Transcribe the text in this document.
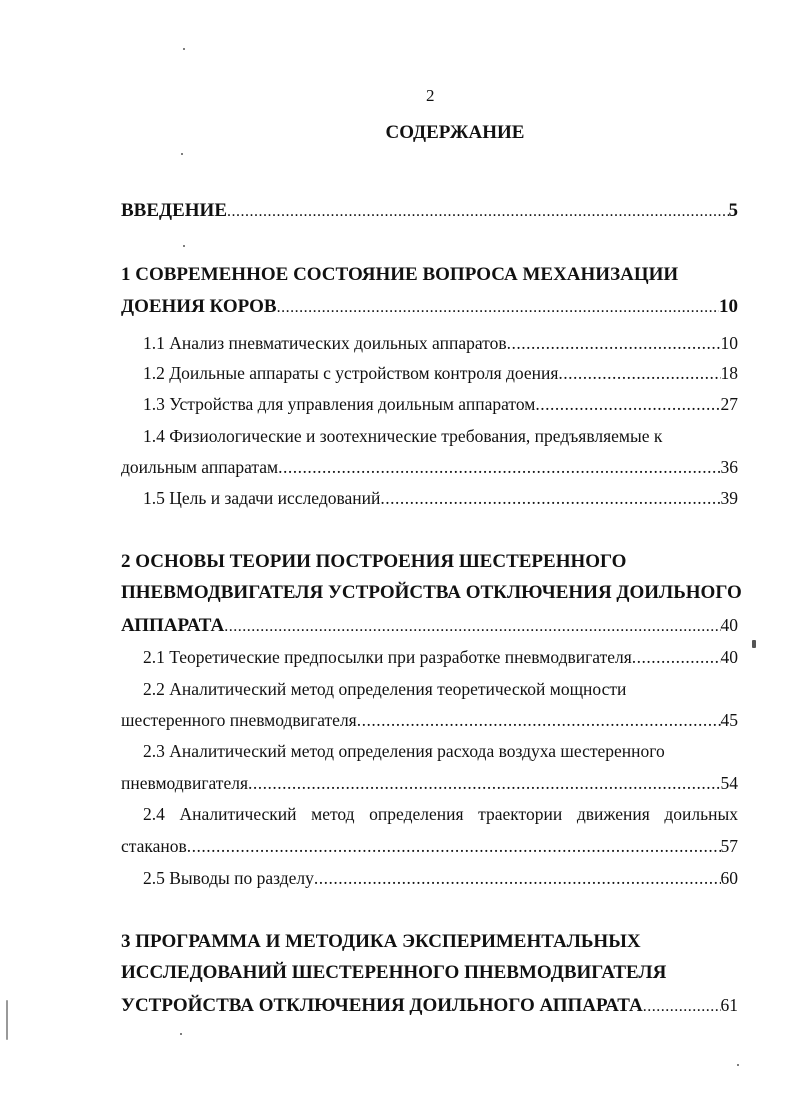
2
СОДЕРЖАНИЕ
ВВЕДЕНИЕ .....	5
1 СОВРЕМЕННОЕ СОСТОЯНИЕ ВОПРОСА МЕХАНИЗАЦИИ
ДОЕНИЯ КОРОВ .....	10
1.1 Анализ пневматических доильных аппаратов .....	10
1.2 Доильные аппараты с устройством контроля доения .....	18
1.3 Устройства для управления доильным аппаратом .....	27
1.4 Физиологические и зоотехнические требования, предъявляемые к
доильным аппаратам .....	36
1.5 Цель и задачи исследований .....	39
2 ОСНОВЫ ТЕОРИИ ПОСТРОЕНИЯ ШЕСТЕРЕННОГО
ПНЕВМОДВИГАТЕЛЯ УСТРОЙСТВА ОТКЛЮЧЕНИЯ ДОИЛЬНОГО
АППАРАТА .....	40
2.1 Теоретические предпосылки при разработке пневмодвигателя .....	40
2.2 Аналитический метод определения теоретической мощности
шестеренного пневмодвигателя .....	45
2.3 Аналитический метод определения расхода воздуха шестеренного
пневмодвигателя .....	54
2.4 Аналитический метод определения траектории движения доильных
стаканов .....	57
2.5 Выводы по разделу .....	60
3 ПРОГРАММА И МЕТОДИКА ЭКСПЕРИМЕНТАЛЬНЫХ
ИССЛЕДОВАНИЙ ШЕСТЕРЕННОГО ПНЕВМОДВИГАТЕЛЯ
УСТРОЙСТВА ОТКЛЮЧЕНИЯ ДОИЛЬНОГО АППАРАТА .....	61
